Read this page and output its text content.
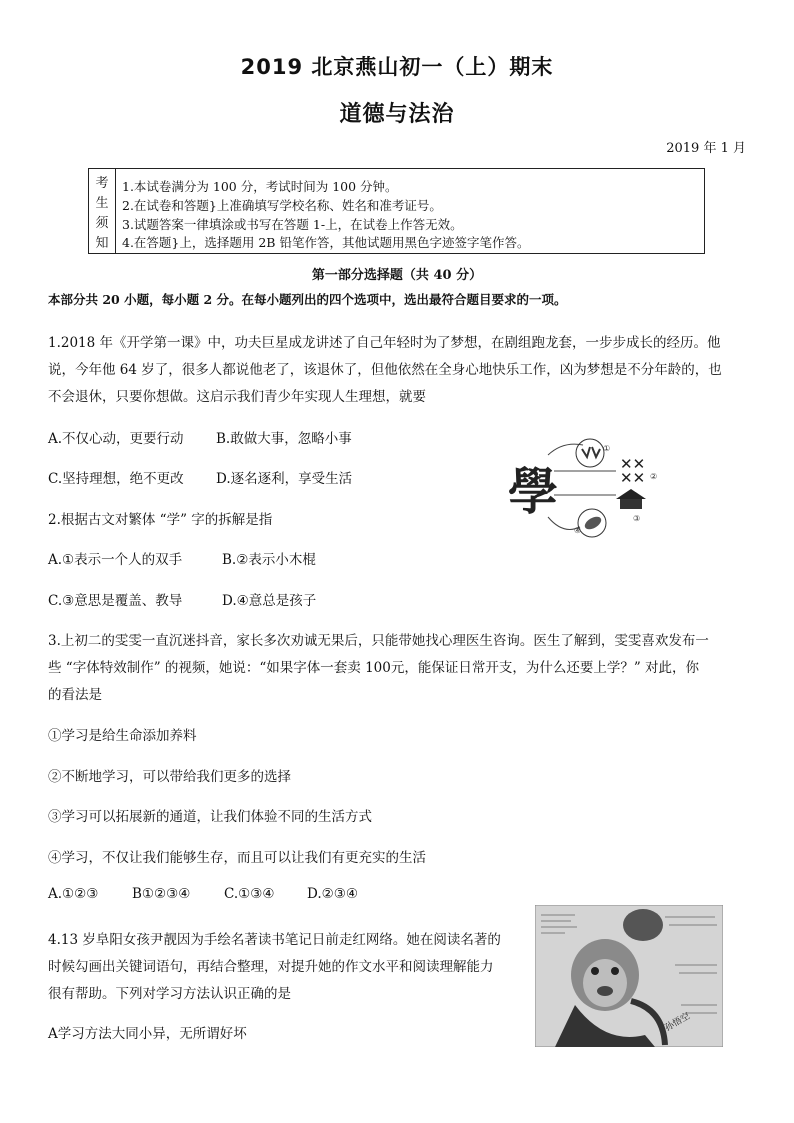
2019 北京燕山初一（上）期末
道德与法治
2019 年 1 月
考
生
须
知
1.本试卷满分为 100 分，考试时间为 100 分钟。
2.在试卷和答题}上准确填写学校名称、姓名和准考证号。
3.试题答案一律填涂或书写在答题 1-上，在试卷上作答无效。
4.在答题}上，选择题用 2B 铅笔作答，其他试题用黑色字迹签字笔作答。
第一部分选择题（共 40 分）
本部分共 20 小题，每小题 2 分。在每小题列出的四个选项中，选出最符合题目要求的一项。
1.2018 年《开学第一课》中，功夫巨星成龙讲述了自己年轻时为了梦想，在剧组跑龙套，一步步成长的经历。他
说，今年他 64 岁了，很多人都说他老了，该退休了，但他依然在全身心地快乐工作，凶为梦想是不分年龄的，也
不会退休，只要你想做。这启示我们青少年实现人生理想，就要
A.不仅心动，更要行动 B.敢做大事，忽略小事
C.坚持理想，绝不更改 D.逐名逐利，享受生活	學
①
✕✕
✕✕ ②
③
④
2.根据古文对繁体 “学” 字的拆解是指
A.①表示一个人的双手	B.②表示小木棍
C.③意思是覆盖、教导	D.④意总是孩子
3.上初二的雯雯一直沉迷抖音，家长多次劝诚无果后，只能带她找心理医生咨询。医生了解到，雯雯喜欢发布一
些 “字体特效制作” 的视频，她说：“如果字体一套卖 100元，能保证日常开支，为什么还要上学？” 对此，你
的看法是
①学习是给生命添加养料
②不断地学习，可以带给我们更多的选择
③学习可以拓展新的通道，让我们体验不同的生活方式
④学习，不仅让我们能够生存，而且可以让我们有更充实的生活
A.①②③ B①②③④ C.①③④ D.②③④
4.13 岁阜阳女孩尹靓因为手绘名著读书笔记日前走红网络。她在阅读名著的
时候勾画出关键词语句，再结合整理，对提升她的作文水平和阅读理解能力
很有帮助。下列对学习方法认识正确的是
A学习方法大同小异，无所谓好坏
孙悟空
